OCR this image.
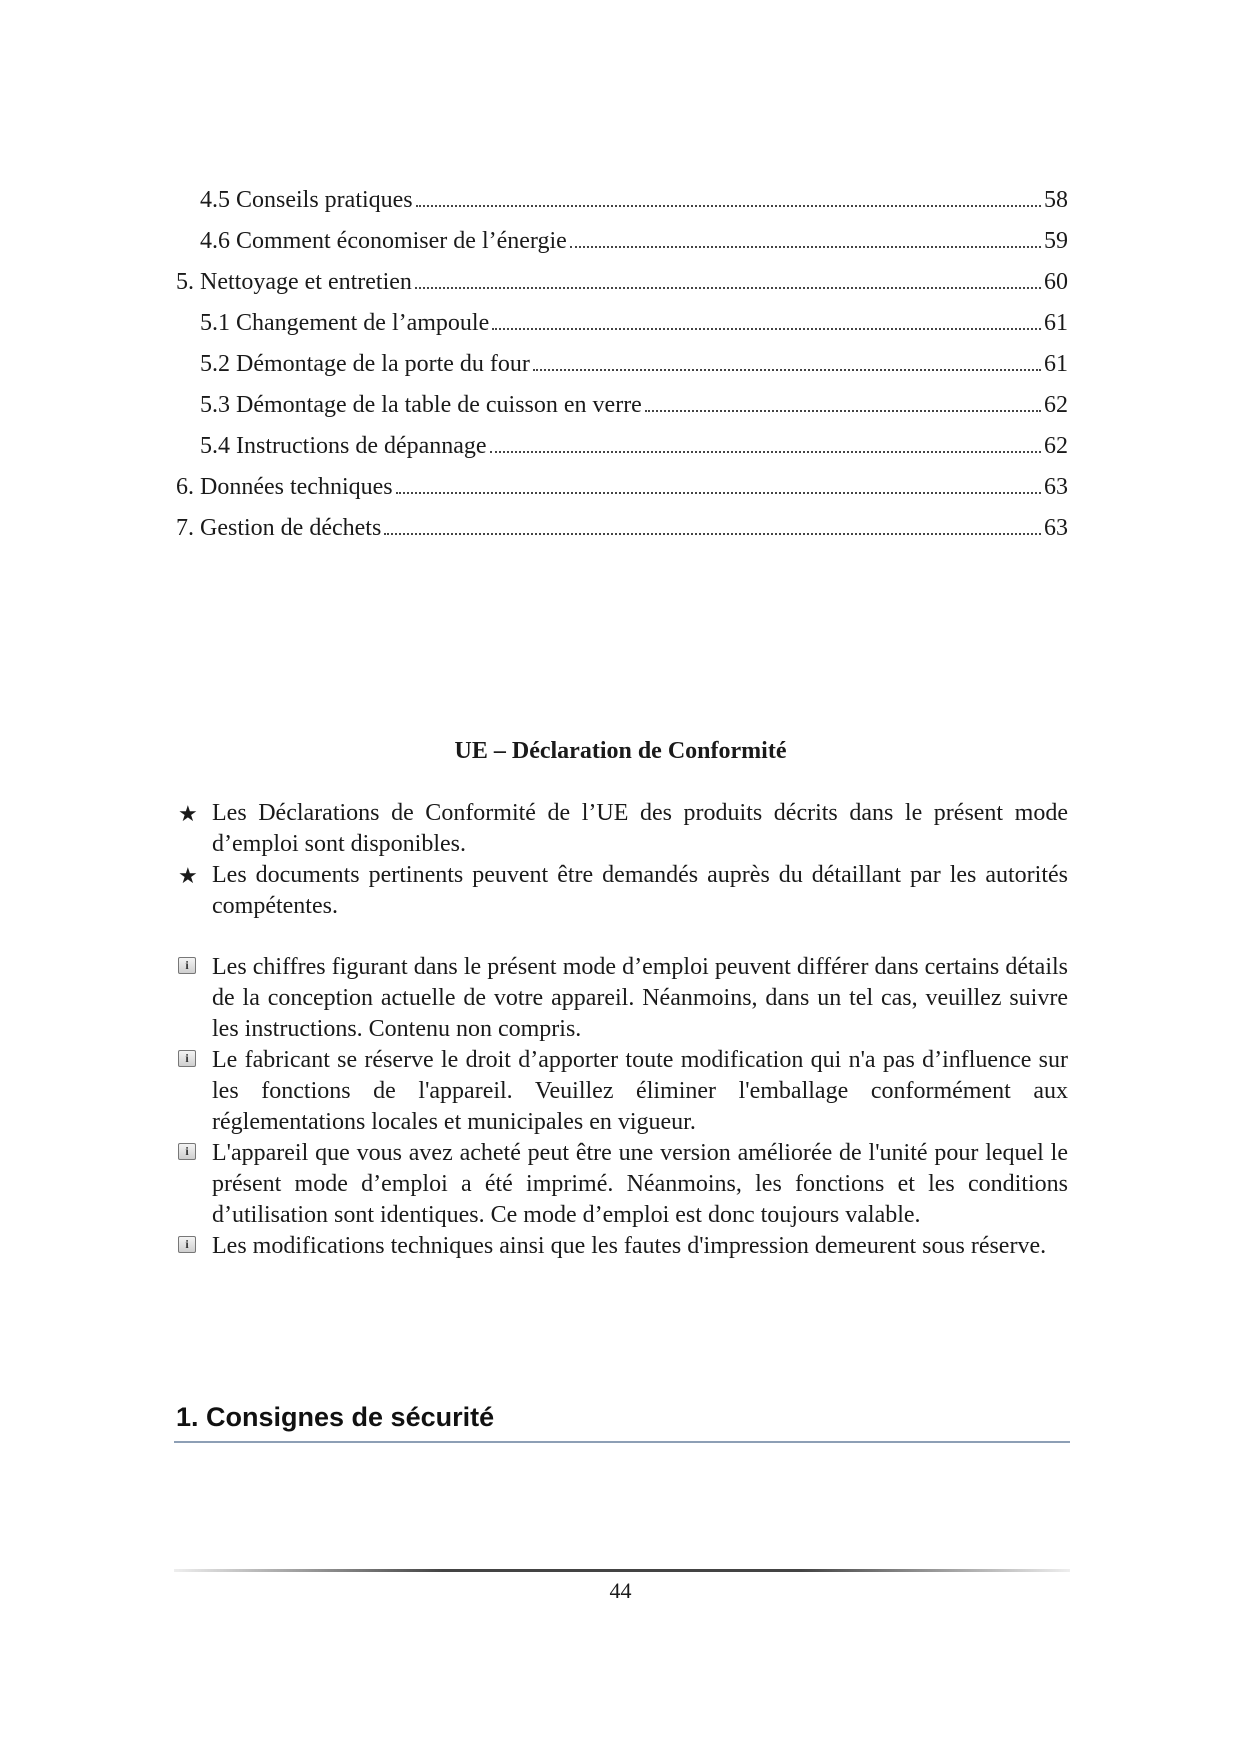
4.5 Conseils pratiques	58
4.6 Comment économiser de l’énergie	59
5. Nettoyage et entretien	60
5.1 Changement de l’ampoule	61
5.2 Démontage de la porte du four	61
5.3 Démontage de la table de cuisson en verre	62
5.4 Instructions de dépannage	62
6. Données techniques	63
7. Gestion de déchets	63
UE – Déclaration de Conformité
★ Les Déclarations de Conformité de l’UE des produits décrits dans le présent mode d’emploi sont disponibles.
★ Les documents pertinents peuvent être demandés auprès du détaillant par les autorités compétentes.
i Les chiffres figurant dans le présent mode d’emploi peuvent différer dans certains détails de la conception actuelle de votre appareil. Néanmoins, dans un tel cas, veuillez suivre les instructions. Contenu non compris.
i Le fabricant se réserve le droit d’apporter toute modification qui n'a pas d’influence sur les fonctions de l'appareil. Veuillez éliminer l'emballage conformément aux réglementations locales et municipales en vigueur.
i L'appareil que vous avez acheté peut être une version améliorée de l'unité pour lequel le présent mode d’emploi a été imprimé. Néanmoins, les fonctions et les conditions d’utilisation sont identiques. Ce mode d’emploi est donc toujours valable.
i Les modifications techniques ainsi que les fautes d'impression demeurent sous réserve.
1. Consignes de sécurité
44
